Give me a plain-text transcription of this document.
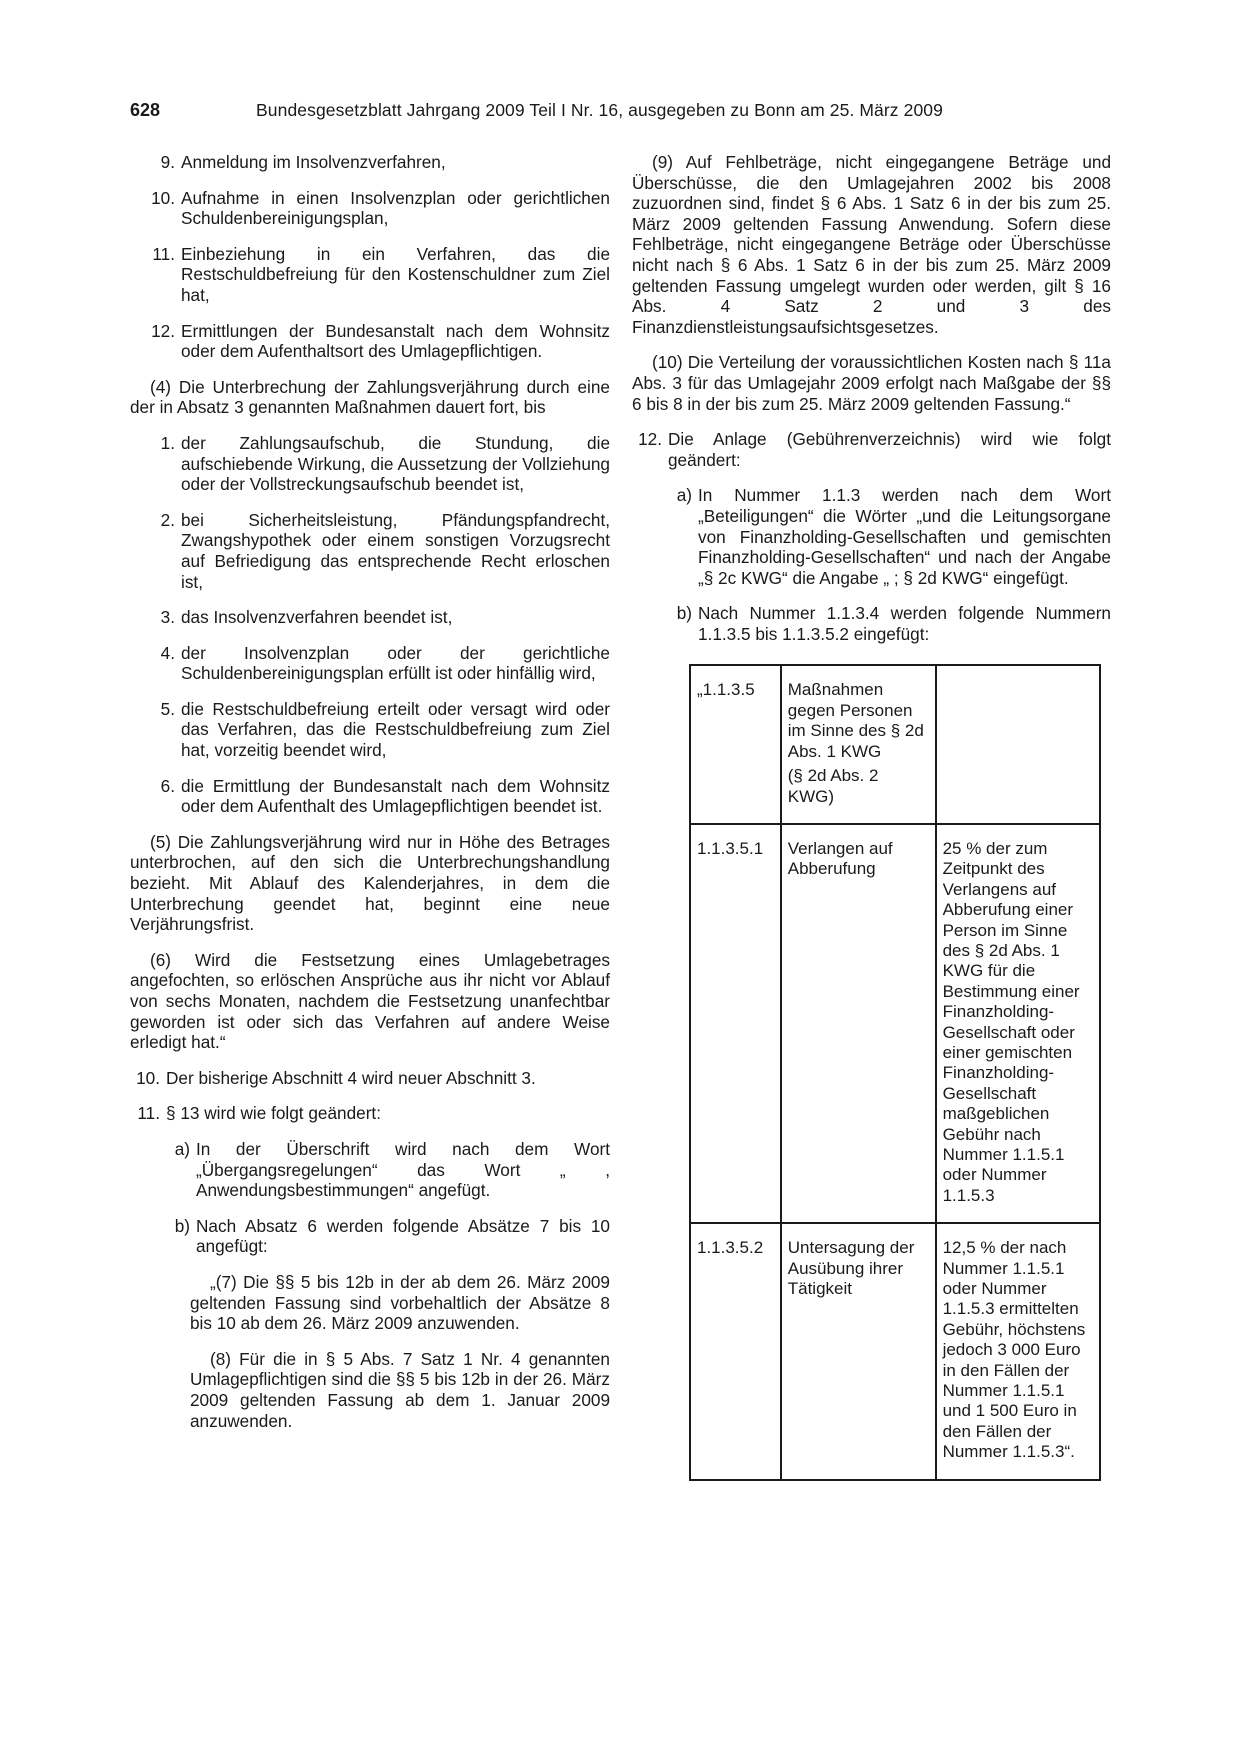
628	Bundesgesetzblatt Jahrgang 2009 Teil I Nr. 16, ausgegeben zu Bonn am 25. März 2009
9. Anmeldung im Insolvenzverfahren,
10. Aufnahme in einen Insolvenzplan oder gerichtlichen Schuldenbereinigungsplan,
11. Einbeziehung in ein Verfahren, das die Restschuldbefreiung für den Kostenschuldner zum Ziel hat,
12. Ermittlungen der Bundesanstalt nach dem Wohnsitz oder dem Aufenthaltsort des Umlagepflichtigen.

(4) Die Unterbrechung der Zahlungsverjährung durch eine der in Absatz 3 genannten Maßnahmen dauert fort, bis

1. der Zahlungsaufschub, die Stundung, die aufschiebende Wirkung, die Aussetzung der Vollziehung oder der Vollstreckungsaufschub beendet ist,
2. bei Sicherheitsleistung, Pfändungspfandrecht, Zwangshypothek oder einem sonstigen Vorzugsrecht auf Befriedigung das entsprechende Recht erloschen ist,
3. das Insolvenzverfahren beendet ist,
4. der Insolvenzplan oder der gerichtliche Schuldenbereinigungsplan erfüllt ist oder hinfällig wird,
5. die Restschuldbefreiung erteilt oder versagt wird oder das Verfahren, das die Restschuldbefreiung zum Ziel hat, vorzeitig beendet wird,
6. die Ermittlung der Bundesanstalt nach dem Wohnsitz oder dem Aufenthalt des Umlagepflichtigen beendet ist.

(5) Die Zahlungsverjährung wird nur in Höhe des Betrages unterbrochen, auf den sich die Unterbrechungshandlung bezieht. Mit Ablauf des Kalenderjahres, in dem die Unterbrechung geendet hat, beginnt eine neue Verjährungsfrist.

(6) Wird die Festsetzung eines Umlagebetrages angefochten, so erlöschen Ansprüche aus ihr nicht vor Ablauf von sechs Monaten, nachdem die Festsetzung unanfechtbar geworden ist oder sich das Verfahren auf andere Weise erledigt hat.“

10. Der bisherige Abschnitt 4 wird neuer Abschnitt 3.
11. § 13 wird wie folgt geändert:
a) In der Überschrift wird nach dem Wort „Übergangsregelungen“ das Wort „ , Anwendungsbestimmungen“ angefügt.
b) Nach Absatz 6 werden folgende Absätze 7 bis 10 angefügt:

„(7) Die §§ 5 bis 12b in der ab dem 26. März 2009 geltenden Fassung sind vorbehaltlich der Absätze 8 bis 10 ab dem 26. März 2009 anzuwenden.

(8) Für die in § 5 Abs. 7 Satz 1 Nr. 4 genannten Umlagepflichtigen sind die §§ 5 bis 12b in der 26. März 2009 geltenden Fassung ab dem 1. Januar 2009 anzuwenden.

(9) Auf Fehlbeträge, nicht eingegangene Beträge und Überschüsse, die den Umlagejahren 2002 bis 2008 zuzuordnen sind, findet § 6 Abs. 1 Satz 6 in der bis zum 25. März 2009 geltenden Fassung Anwendung. Sofern diese Fehlbeträge, nicht eingegangene Beträge oder Überschüsse nicht nach § 6 Abs. 1 Satz 6 in der bis zum 25. März 2009 geltenden Fassung umgelegt wurden oder werden, gilt § 16 Abs. 4 Satz 2 und 3 des Finanzdienstleistungsaufsichtsgesetzes.

(10) Die Verteilung der voraussichtlichen Kosten nach § 11a Abs. 3 für das Umlagejahr 2009 erfolgt nach Maßgabe der §§ 6 bis 8 in der bis zum 25. März 2009 geltenden Fassung.“

12. Die Anlage (Gebührenverzeichnis) wird wie folgt geändert:
a) In Nummer 1.1.3 werden nach dem Wort „Beteiligungen“ die Wörter „und die Leitungsorgane von Finanzholding-Gesellschaften und gemischten Finanzholding-Gesellschaften“ und nach der Angabe „§ 2c KWG“ die Angabe „ ; § 2d KWG“ eingefügt.
b) Nach Nummer 1.1.3.4 werden folgende Nummern 1.1.3.5 bis 1.1.3.5.2 eingefügt:
„1.1.3.5	Maßnahmen gegen Personen im Sinne des § 2d Abs. 1 KWG
(§ 2d Abs. 2 KWG)	

1.1.3.5.1	Verlangen auf Abberufung	25 % der zum Zeitpunkt des Verlangens auf Abberufung einer Person im Sinne des § 2d Abs. 1 KWG für die Bestimmung einer Finanzholding-Gesellschaft oder einer gemischten Finanzholding-Gesellschaft maßgeblichen Gebühr nach Nummer 1.1.5.1 oder Nummer 1.1.5.3
1.1.3.5.2	Untersagung der Ausübung ihrer Tätigkeit	12,5 % der nach Nummer 1.1.5.1 oder Nummer 1.1.5.3 ermittelten Gebühr, höchstens jedoch 3 000 Euro in den Fällen der Nummer 1.1.5.1 und 1 500 Euro in den Fällen der Nummer 1.1.5.3“.
